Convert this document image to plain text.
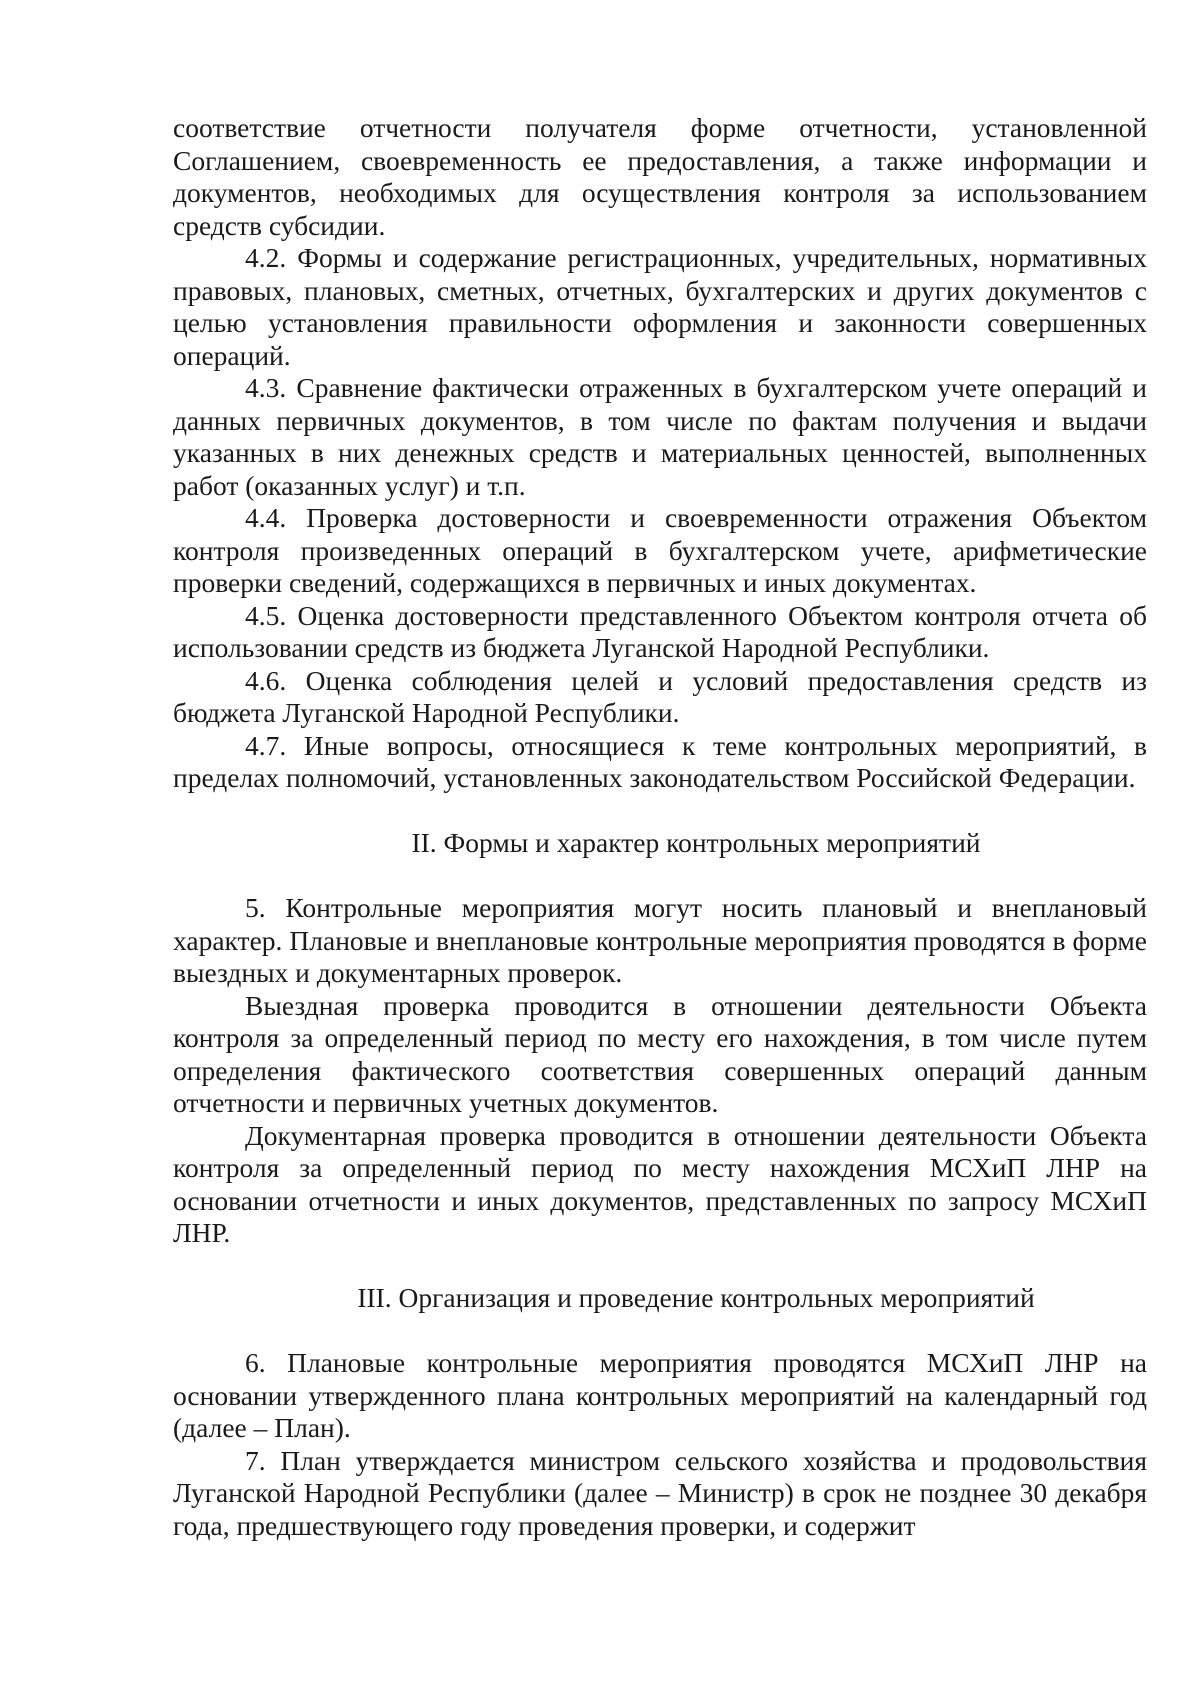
соответствие отчетности получателя форме отчетности, установленной Соглашением, своевременность ее предоставления, а также информации и документов, необходимых для осуществления контроля за использованием средств субсидии.

4.2. Формы и содержание регистрационных, учредительных, нормативных правовых, плановых, сметных, отчетных, бухгалтерских и других документов с целью установления правильности оформления и законности совершенных операций.

4.3. Сравнение фактически отраженных в бухгалтерском учете операций и данных первичных документов, в том числе по фактам получения и выдачи указанных в них денежных средств и материальных ценностей, выполненных работ (оказанных услуг) и т.п.

4.4. Проверка достоверности и своевременности отражения Объектом контроля произведенных операций в бухгалтерском учете, арифметические проверки сведений, содержащихся в первичных и иных документах.

4.5. Оценка достоверности представленного Объектом контроля отчета об использовании средств из бюджета Луганской Народной Республики.

4.6. Оценка соблюдения целей и условий предоставления средств из бюджета Луганской Народной Республики.

4.7. Иные вопросы, относящиеся к теме контрольных мероприятий, в пределах полномочий, установленных законодательством Российской Федерации.

II. Формы и характер контрольных мероприятий

5. Контрольные мероприятия могут носить плановый и внеплановый характер. Плановые и внеплановые контрольные мероприятия проводятся в форме выездных и документарных проверок.

Выездная проверка проводится в отношении деятельности Объекта контроля за определенный период по месту его нахождения, в том числе путем определения фактического соответствия совершенных операций данным отчетности и первичных учетных документов.

Документарная проверка проводится в отношении деятельности Объекта контроля за определенный период по месту нахождения МСХиП ЛНР на основании отчетности и иных документов, представленных по запросу МСХиП ЛНР.

III. Организация и проведение контрольных мероприятий

6. Плановые контрольные мероприятия проводятся МСХиП ЛНР на основании утвержденного плана контрольных мероприятий на календарный год (далее – План).

7. План утверждается министром сельского хозяйства и продовольствия Луганской Народной Республики (далее – Министр) в срок не позднее 30 декабря года, предшествующего году проведения проверки, и содержит
